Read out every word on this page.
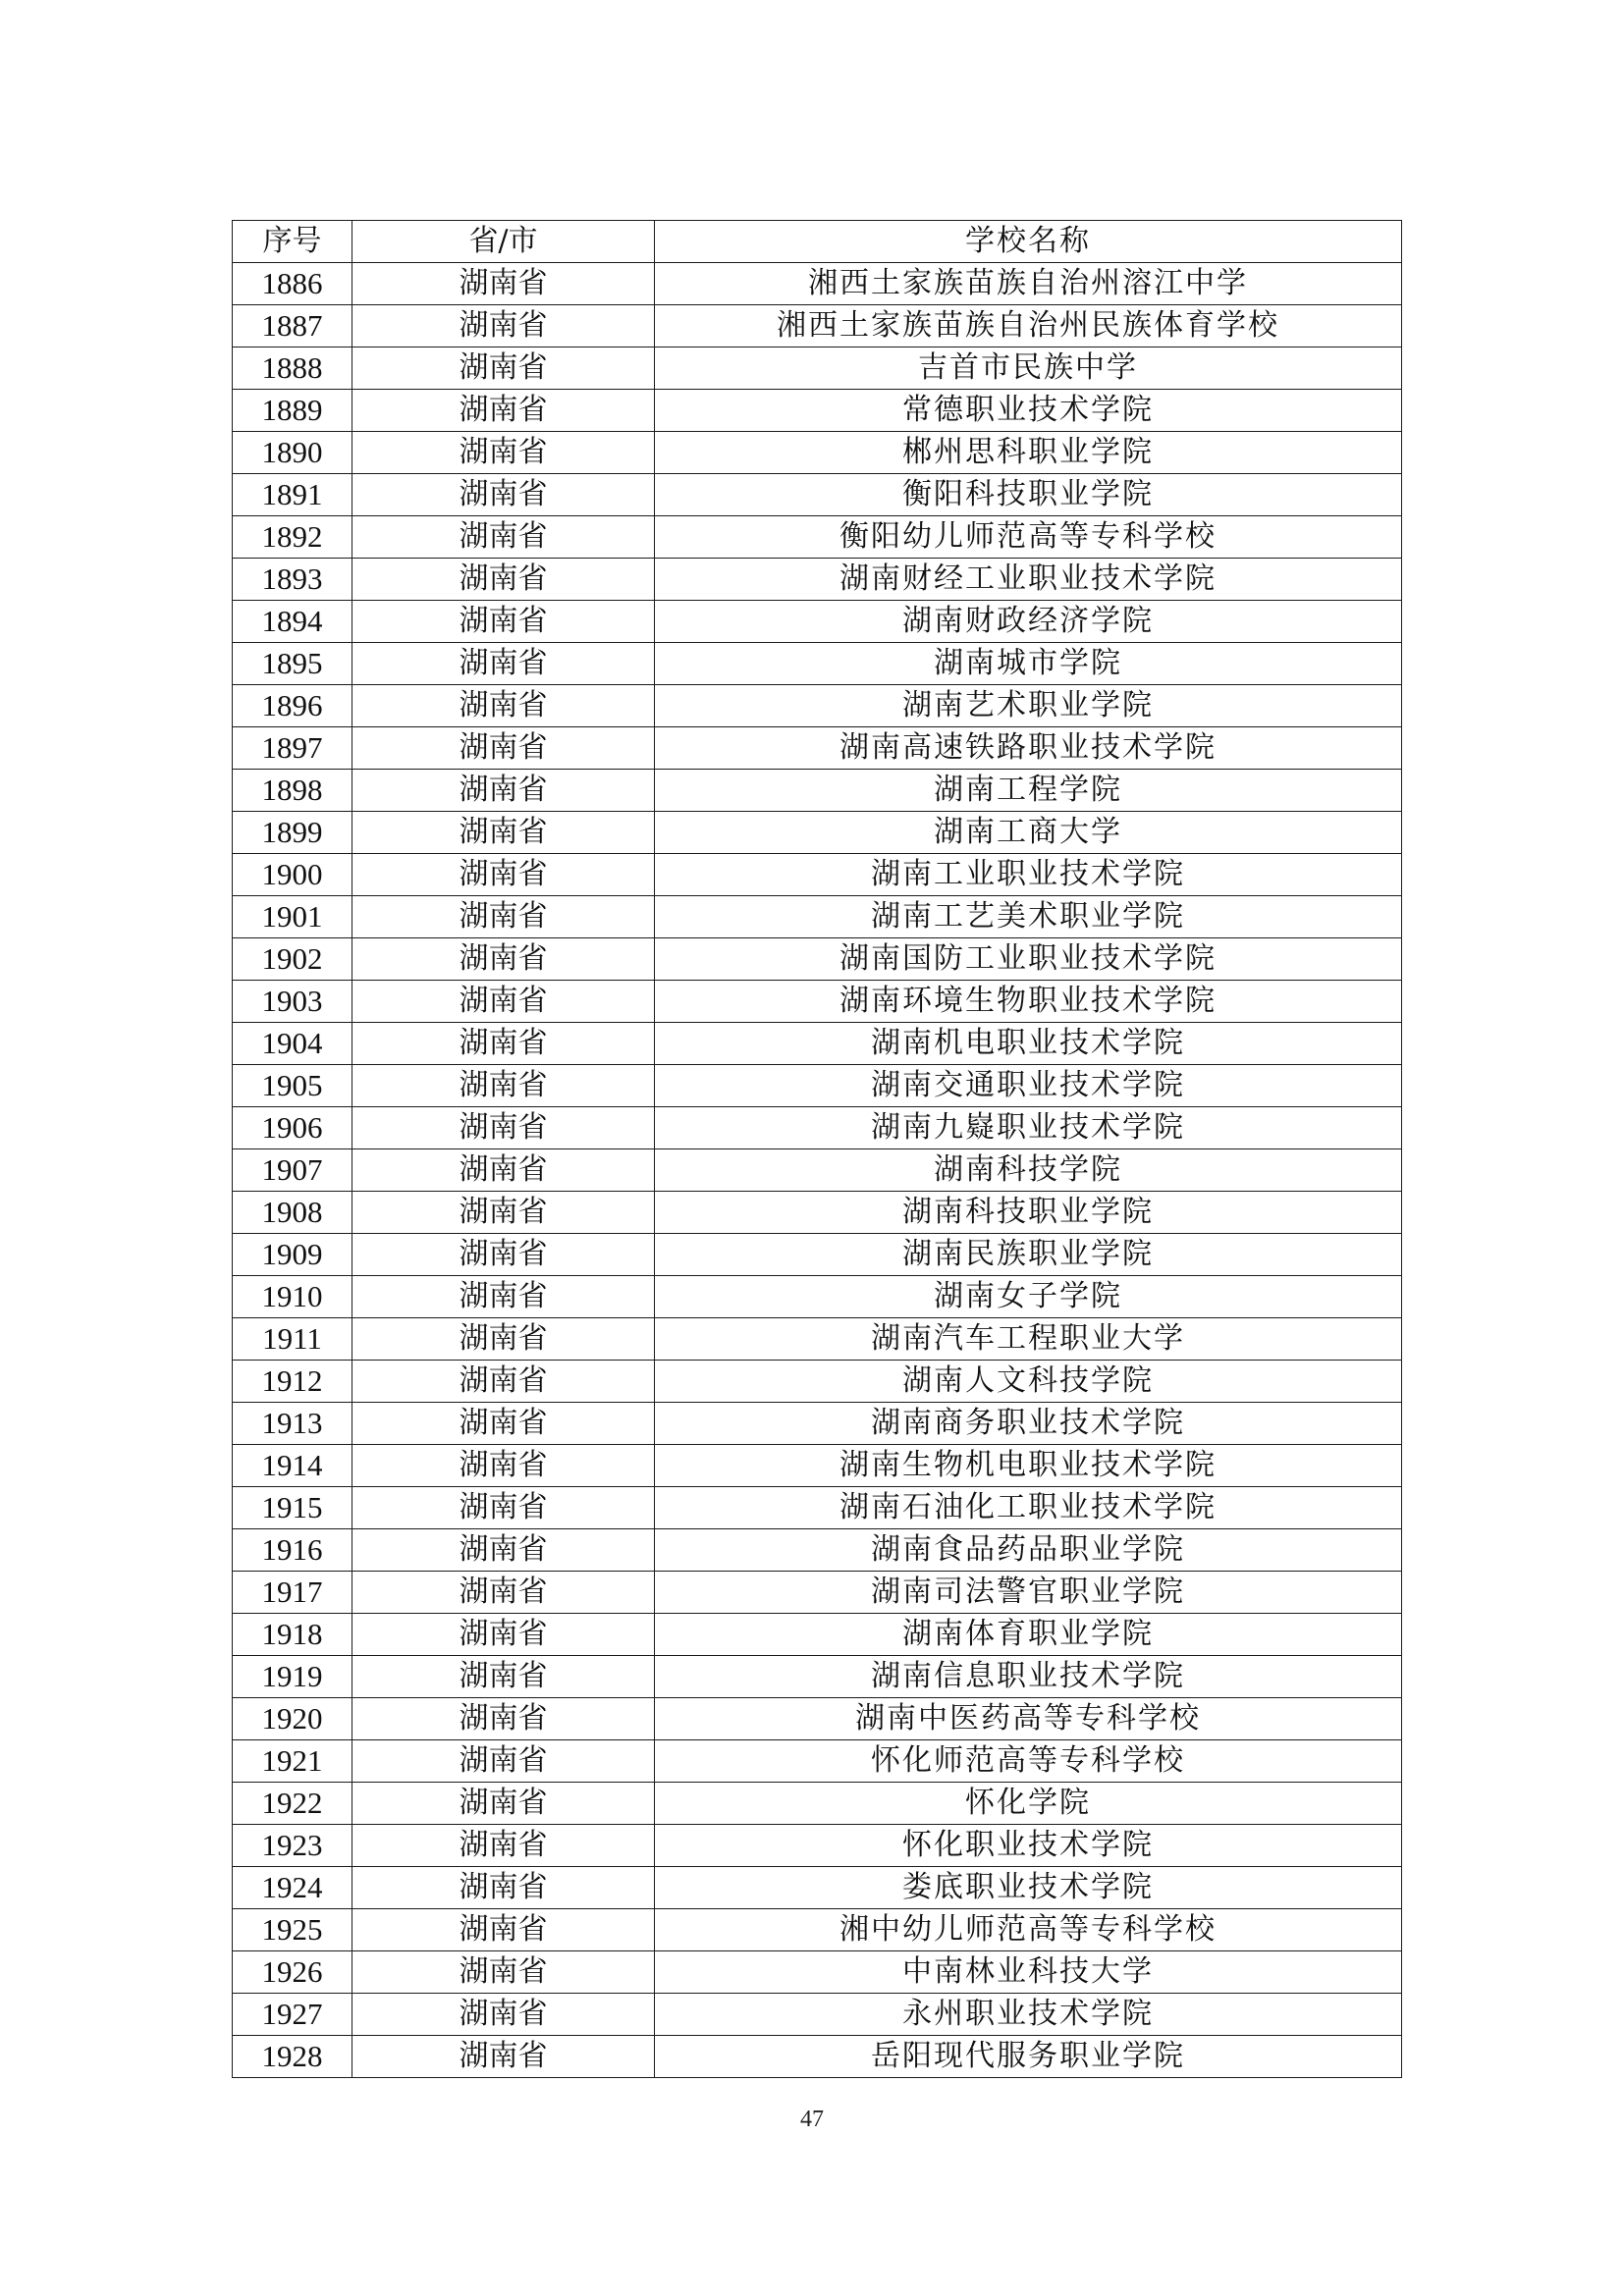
序号	省/市	学校名称
1886	湖南省	湘西土家族苗族自治州溶江中学
1887	湖南省	湘西土家族苗族自治州民族体育学校
1888	湖南省	吉首市民族中学
1889	湖南省	常德职业技术学院
1890	湖南省	郴州思科职业学院
1891	湖南省	衡阳科技职业学院
1892	湖南省	衡阳幼儿师范高等专科学校
1893	湖南省	湖南财经工业职业技术学院
1894	湖南省	湖南财政经济学院
1895	湖南省	湖南城市学院
1896	湖南省	湖南艺术职业学院
1897	湖南省	湖南高速铁路职业技术学院
1898	湖南省	湖南工程学院
1899	湖南省	湖南工商大学
1900	湖南省	湖南工业职业技术学院
1901	湖南省	湖南工艺美术职业学院
1902	湖南省	湖南国防工业职业技术学院
1903	湖南省	湖南环境生物职业技术学院
1904	湖南省	湖南机电职业技术学院
1905	湖南省	湖南交通职业技术学院
1906	湖南省	湖南九嶷职业技术学院
1907	湖南省	湖南科技学院
1908	湖南省	湖南科技职业学院
1909	湖南省	湖南民族职业学院
1910	湖南省	湖南女子学院
1911	湖南省	湖南汽车工程职业大学
1912	湖南省	湖南人文科技学院
1913	湖南省	湖南商务职业技术学院
1914	湖南省	湖南生物机电职业技术学院
1915	湖南省	湖南石油化工职业技术学院
1916	湖南省	湖南食品药品职业学院
1917	湖南省	湖南司法警官职业学院
1918	湖南省	湖南体育职业学院
1919	湖南省	湖南信息职业技术学院
1920	湖南省	湖南中医药高等专科学校
1921	湖南省	怀化师范高等专科学校
1922	湖南省	怀化学院
1923	湖南省	怀化职业技术学院
1924	湖南省	娄底职业技术学院
1925	湖南省	湘中幼儿师范高等专科学校
1926	湖南省	中南林业科技大学
1927	湖南省	永州职业技术学院
1928	湖南省	岳阳现代服务职业学院
47
